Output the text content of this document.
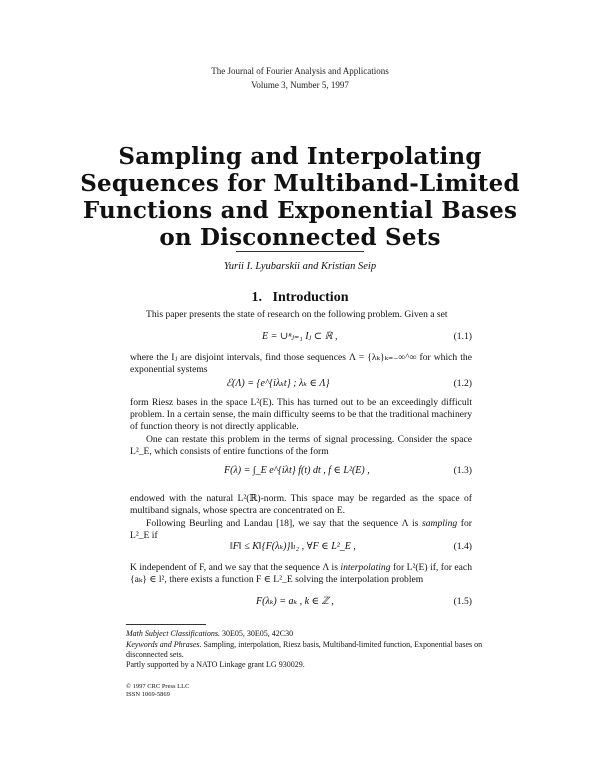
The Journal of Fourier Analysis and Applications
Volume 3, Number 5, 1997
Sampling and Interpolating
Sequences for Multiband-Limited
Functions and Exponential Bases
on Disconnected Sets
Yurii I. Lyubarskii and Kristian Seip
1. Introduction
This paper presents the state of research on the following problem. Given a set
E = ∪ⁿⱼ₌₁ Iⱼ ⊂ ℝ ,	(1.1)
where the Iⱼ are disjoint intervals, find those sequences Λ = {λₖ}ₖ₌₋∞^∞ for which the exponential systems
ℰ(Λ) = {e^{iλₖt} ; λₖ ∈ Λ}	(1.2)
form Riesz bases in the space L²(E). This has turned out to be an exceedingly difficult problem. In a certain sense, the main difficulty seems to be that the traditional machinery of function theory is not directly applicable.
One can restate this problem in the terms of signal processing. Consider the space L²_E, which consists of entire functions of the form
F(λ) = ∫_E e^{iλt} f(t) dt , f ∈ L²(E) ,	(1.3)
endowed with the natural L²(ℝ)-norm. This space may be regarded as the space of multiband signals, whose spectra are concentrated on E.
Following Beurling and Landau [18], we say that the sequence Λ is sampling for L²_E if
‖F‖ ≤ K‖{F(λₖ)}‖ₗ₂ , ∀F ∈ L²_E ,	(1.4)
K independent of F, and we say that the sequence Λ is interpolating for L²(E) if, for each {aₖ} ∈ l², there exists a function F ∈ L²_E solving the interpolation problem
F(λₖ) = aₖ , k ∈ ℤ ,	(1.5)
Math Subject Classifications. 30E05, 30E05, 42C30
Keywords and Phrases. Sampling, interpolation, Riesz basis, Multiband-limited function, Exponential bases on disconnected sets.
Partly supported by a NATO Linkage grant LG 930029.
© 1997 CRC Press LLC
ISSN 1069-5869
